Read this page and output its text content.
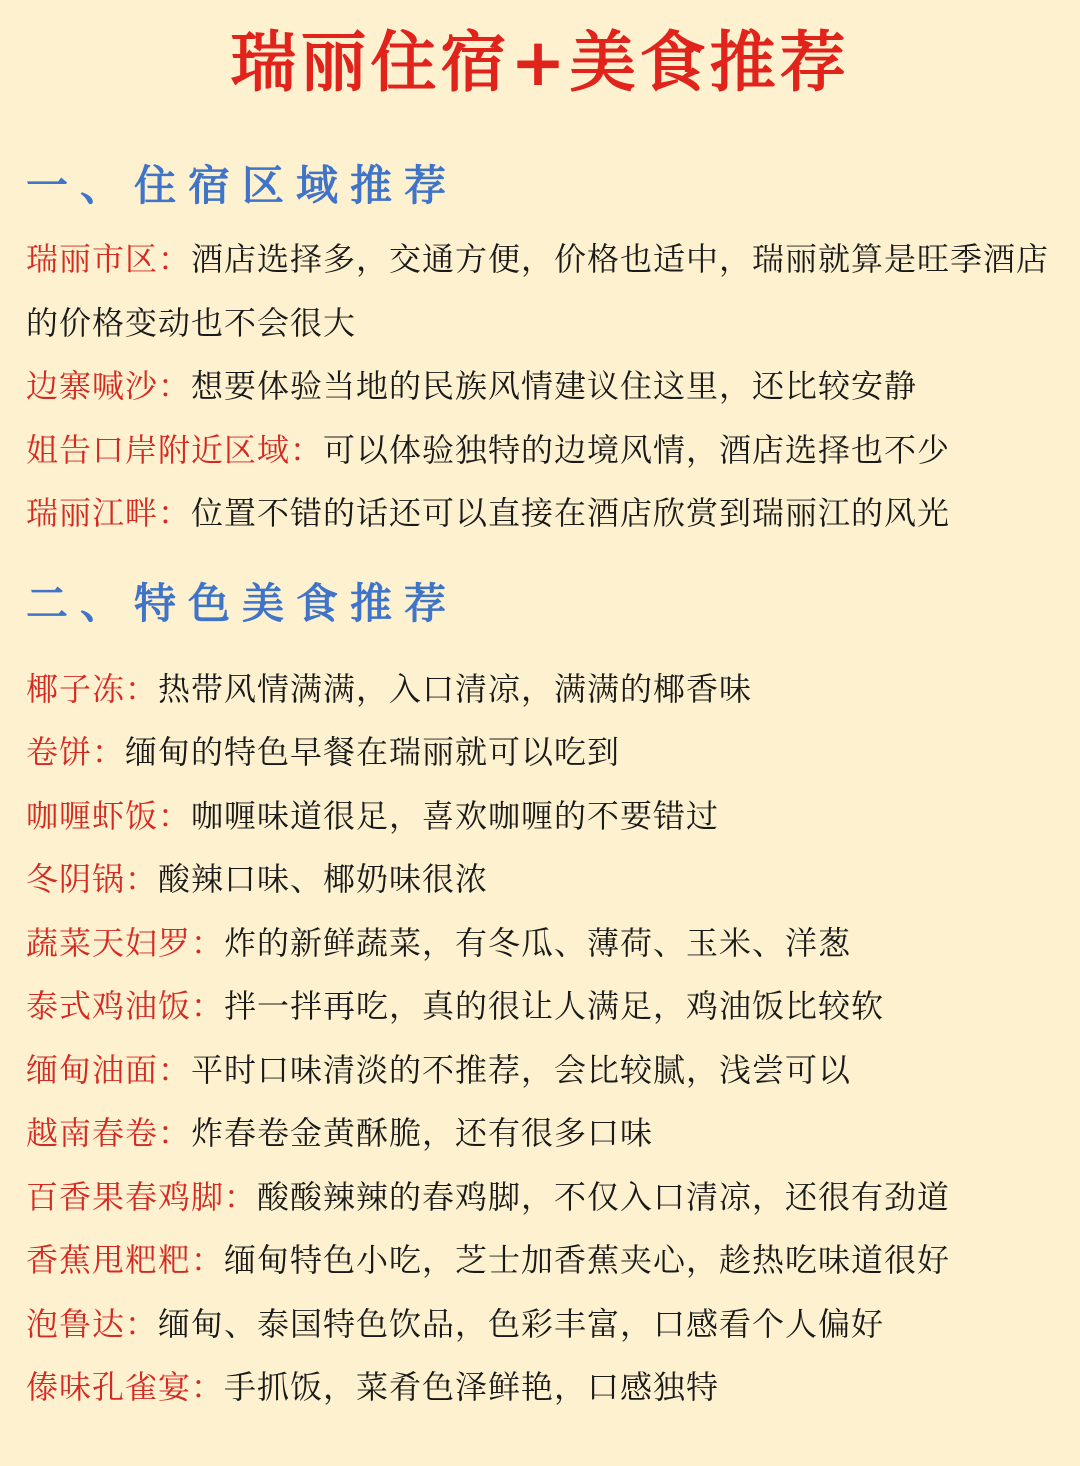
瑞丽住宿+美食推荐
一、住宿区域推荐
瑞丽市区：酒店选择多，交通方便，价格也适中，瑞丽就算是旺季酒店的价格变动也不会很大
边寨喊沙：想要体验当地的民族风情建议住这里，还比较安静
姐告口岸附近区域：可以体验独特的边境风情，酒店选择也不少
瑞丽江畔：位置不错的话还可以直接在酒店欣赏到瑞丽江的风光
二、特色美食推荐
椰子冻：热带风情满满，入口清凉，满满的椰香味
卷饼：缅甸的特色早餐在瑞丽就可以吃到
咖喱虾饭：咖喱味道很足，喜欢咖喱的不要错过
冬阴锅：酸辣口味、椰奶味很浓
蔬菜天妇罗：炸的新鲜蔬菜，有冬瓜、薄荷、玉米、洋葱
泰式鸡油饭：拌一拌再吃，真的很让人满足，鸡油饭比较软
缅甸油面：平时口味清淡的不推荐，会比较腻，浅尝可以
越南春卷：炸春卷金黄酥脆，还有很多口味
百香果春鸡脚：酸酸辣辣的春鸡脚，不仅入口清凉，还很有劲道
香蕉甩粑粑：缅甸特色小吃，芝士加香蕉夹心，趁热吃味道很好
泡鲁达：缅甸、泰国特色饮品，色彩丰富，口感看个人偏好
傣味孔雀宴：手抓饭，菜肴色泽鲜艳，口感独特
